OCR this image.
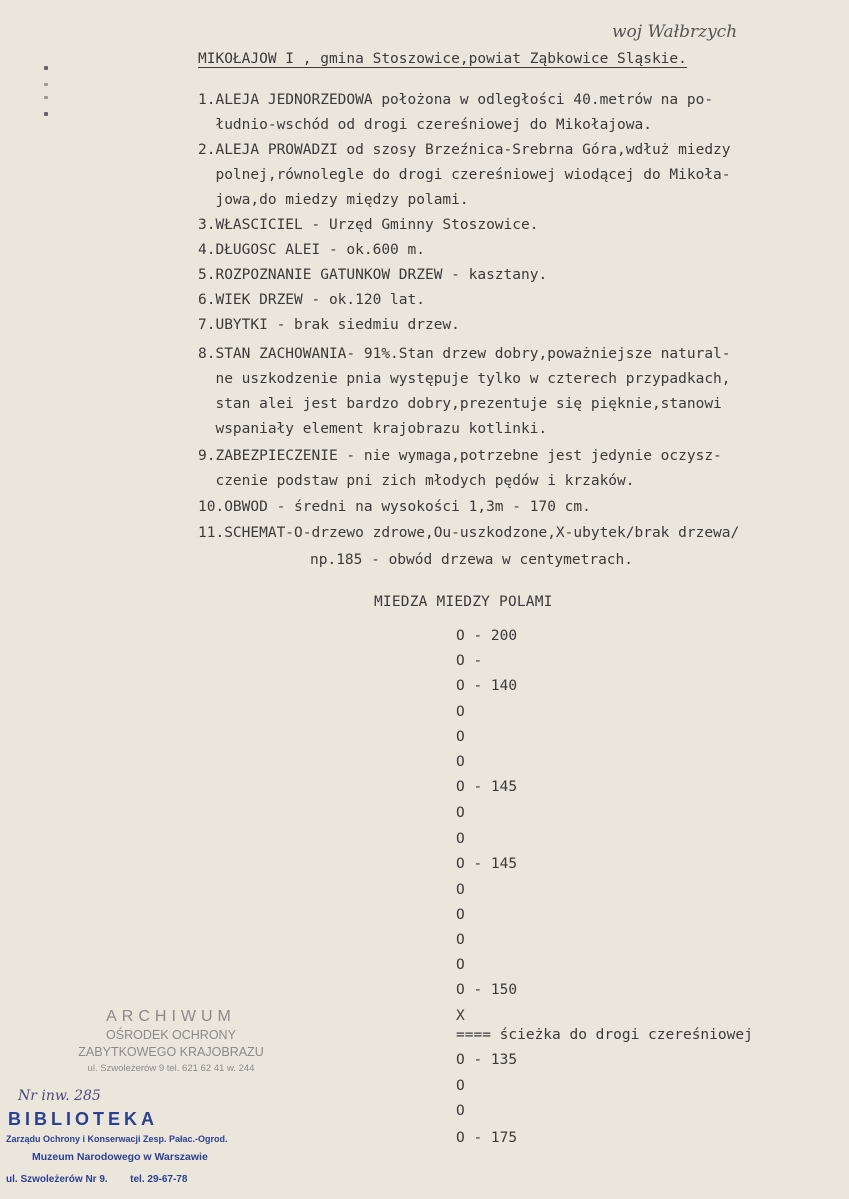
woj Wałbrzych
MIKOŁAJOW I , gmina Stoszowice,powiat Ząbkowice Sląskie.
1.ALEJA JEDNORZEDOWA położona w odległości 40.metrów na po-
łudnio-wschód od drogi czereśniowej do Mikołajowa.
2.ALEJA PROWADZI od szosy Brzeźnica-Srebrna Góra,wdłuż miedzy
polnej,równolegle do drogi czereśniowej wiodącej do Mikoła-
jowa,do miedzy między polami.
3.WŁASCICIEL - Urzęd Gminny Stoszowice.
4.DŁUGOSC ALEI - ok.600 m.
5.ROZPOZNANIE GATUNKOW DRZEW - kasztany.
6.WIEK DRZEW - ok.120 lat.
7.UBYTKI - brak siedmiu drzew.
8.STAN ZACHOWANIA- 91%.Stan drzew dobry,poważniejsze natural-
ne uszkodzenie pnia występuje tylko w czterech przypadkach,
stan alei jest bardzo dobry,prezentuje się pięknie,stanowi
wspaniały element krajobrazu kotlinki.
9.ZABEZPIECZENIE - nie wymaga,potrzebne jest jedynie oczysz-
czenie podstaw pni zich młodych pędów i krzaków.
10.OBWOD - średni na wysokości 1,3m - 170 cm.
11.SCHEMAT-O-drzewo zdrowe,Ou-uszkodzone,X-ubytek/brak drzewa/
np.185 - obwód drzewa w centymetrach.
MIEDZA MIEDZY POLAMI
O - 200
O -
O - 140
O
O
O
O - 145
O
O
O - 145
O
O
O
O
O - 150
X
==== ścieżka do drogi czereśniowej
O - 135
O
O
O - 175
ARCHIWUM
OŚRODEK OCHRONY
ZABYTKOWEGO KRAJOBRAZU
ul. Szwoleżerów 9 tel. 621 62 41 w. 244
Nr inw. 285
BIBLIOTEKA
Zarządu Ochrony i Konserwacji Zesp. Pałac.-Ogrod.
Muzeum Narodowego w Warszawie
ul. Szwoleżerów Nr 9. tel. 29-67-78
